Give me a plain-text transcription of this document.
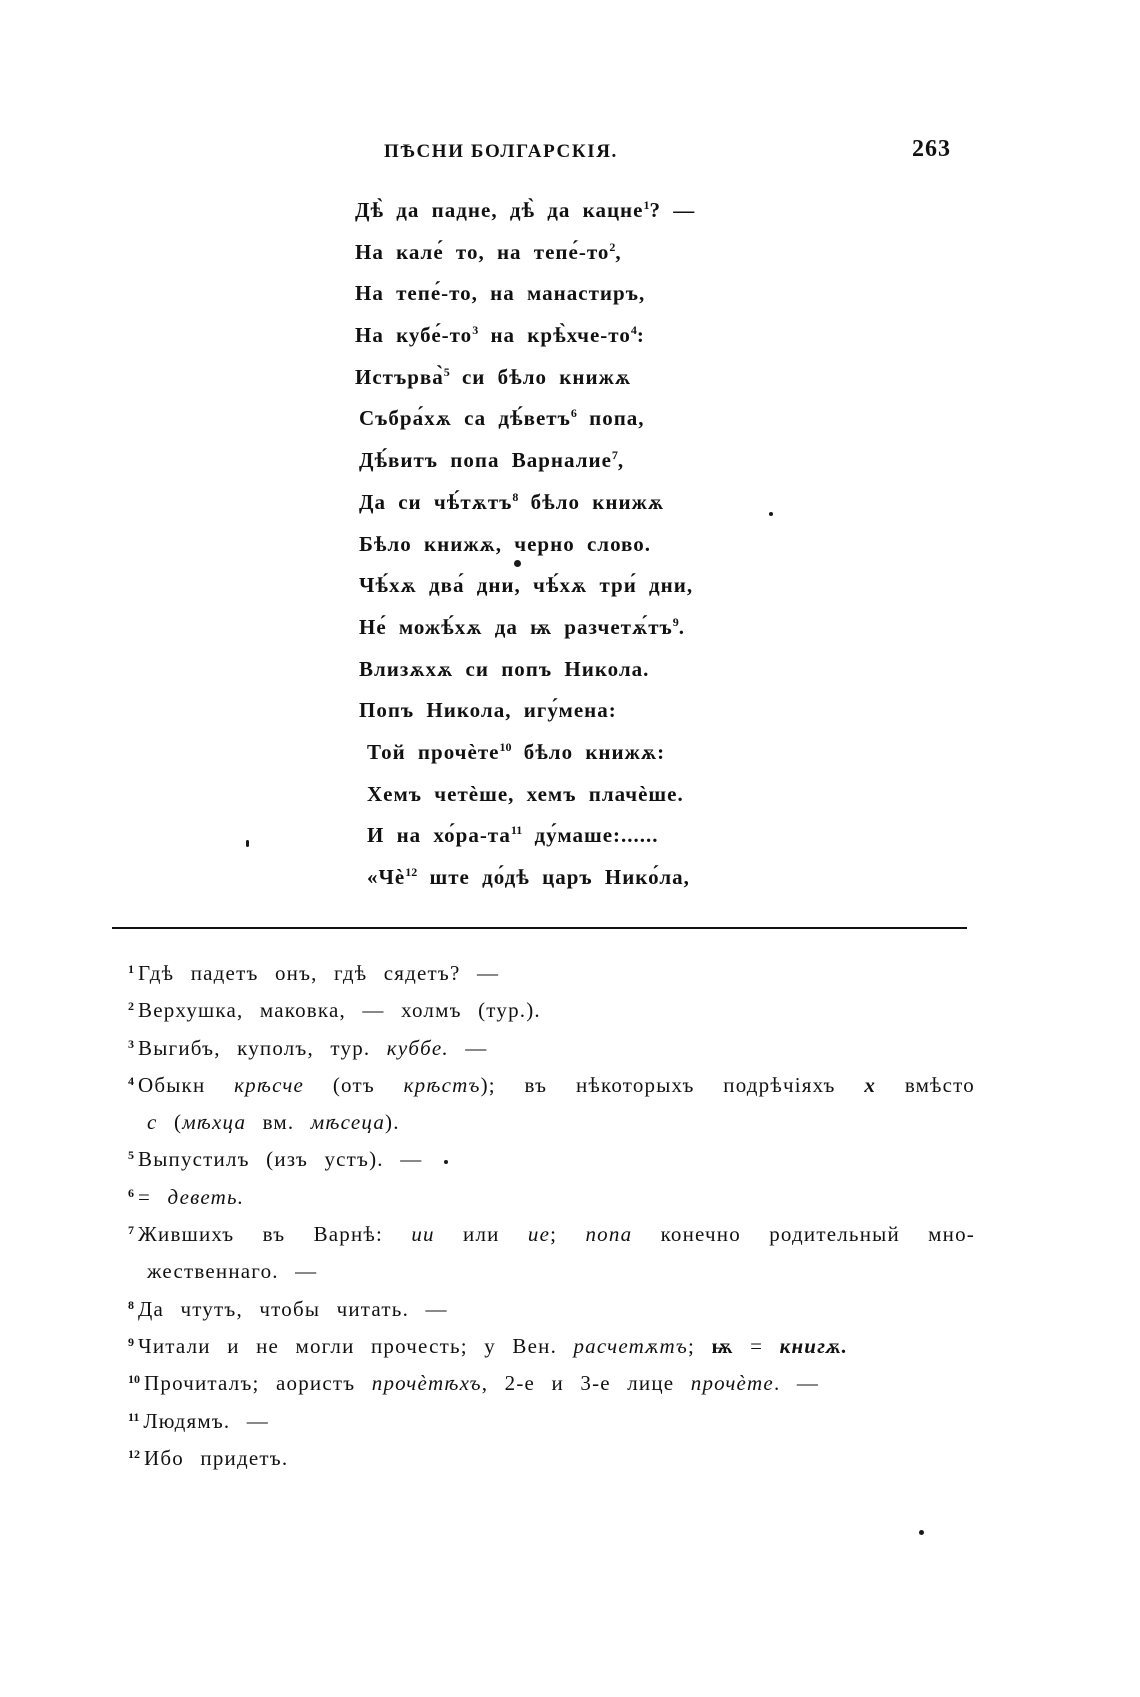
ПѢСНИ БОЛГАРСКІЯ.	263
Дѣ̀ да падне, дѣ̀ да кацне$^1$? —
На кале́ то, на тепе́-то$^2$,
На тепе́-то, на манастиръ,
На кубе́-то$^3$ на крѣ̀хче-то$^4$:
Истърва̀$^5$ си бѣло книжѫ
Събра́хѫ са дѣ́ветъ$^6$ попа,
Дѣ́витъ попа Варналие$^7$,
Да си чѣ́тѫтъ$^8$ бѣло книжѫ
Бѣло книжѫ, черно слово.
Чѣ́хѫ два́ дни, чѣ́хѫ три́ дни,
Не́ можѣ́хѫ да ѭ разчетѫ́тъ$^9$.
Влизѫхѫ си попъ Никола.
Попъ Никола, игу́мена:
Той прочѐте$^{10}$ бѣло книжѫ:
Хемъ четѐше, хемъ плачѐше.
И на хо́ра-та$^{11}$ ду́маше:......
«Чѐ$^{12}$ ште до́дѣ царъ Нико́ла,
$^1$ Гдѣ падетъ онъ, гдѣ сядетъ? —
$^2$ Верхушка, маковка, — холмъ (тур.).
$^3$ Выгибъ, куполъ, тур. куббе. —
$^4$ Обыкн крѣсче (отъ крѣстъ); въ нѣкоторыхъ подрѣчіяхъ х вмѣсто
с (мѣхца вм. мѣсеца).
$^5$ Выпустилъ (изъ устъ). —
$^6$ = деветь.
$^7$ Жившихъ въ Варнѣ: ии или ие; попа конечно родительный мно-
жественнаго. —
$^8$ Да чтутъ, чтобы читать. —
$^9$ Читали и не могли прочесть; у Вен. расчетѫтъ; ѭ = книгѫ.
$^{10}$ Прочиталъ; аористъ прочѐтѣхъ, 2-е и 3-е лице прочѐте. —
$^{11}$ Людямъ. —
$^{12}$ Ибо придетъ.
